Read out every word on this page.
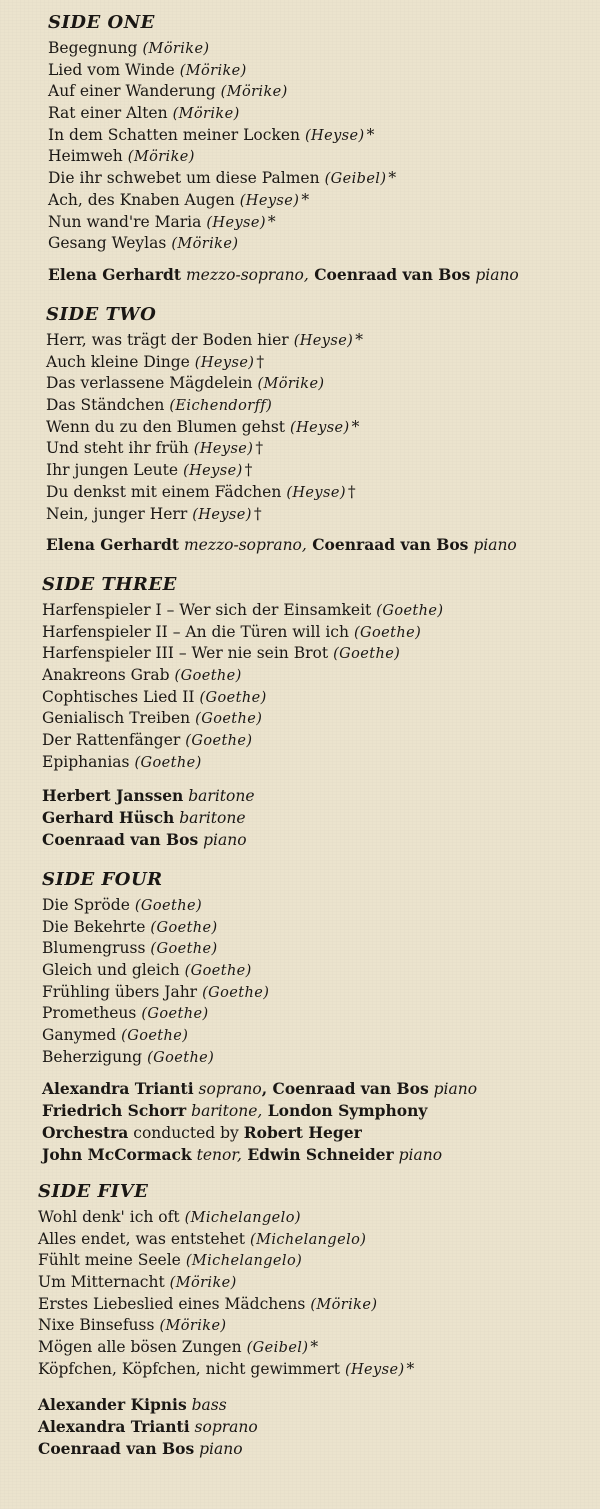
SIDE ONE
Begegnung (Mörike)
Lied vom Winde (Mörike)
Auf einer Wanderung (Mörike)
Rat einer Alten (Mörike)
In dem Schatten meiner Locken (Heyse) *
Heimweh (Mörike)
Die ihr schwebet um diese Palmen (Geibel) *
Ach, des Knaben Augen (Heyse) *
Nun wand're Maria (Heyse) *
Gesang Weylas (Mörike)
Elena Gerhardt mezzo-soprano, Coenraad van Bos piano
SIDE TWO
Herr, was trägt der Boden hier (Heyse) *
Auch kleine Dinge (Heyse) †
Das verlassene Mägdelein (Mörike)
Das Ständchen (Eichendorff)
Wenn du zu den Blumen gehst (Heyse) *
Und steht ihr früh (Heyse) †
Ihr jungen Leute (Heyse) †
Du denkst mit einem Fädchen (Heyse) †
Nein, junger Herr (Heyse) †
Elena Gerhardt mezzo-soprano, Coenraad van Bos piano
SIDE THREE
Harfenspieler I – Wer sich der Einsamkeit (Goethe)
Harfenspieler II – An die Türen will ich (Goethe)
Harfenspieler III – Wer nie sein Brot (Goethe)
Anakreons Grab (Goethe)
Cophtisches Lied II (Goethe)
Genialisch Treiben (Goethe)
Der Rattenfänger (Goethe)
Epiphanias (Goethe)
Herbert Janssen baritone
Gerhard Hüsch baritone
Coenraad van Bos piano
SIDE FOUR
Die Spröde (Goethe)
Die Bekehrte (Goethe)
Blumengruss (Goethe)
Gleich und gleich (Goethe)
Frühling übers Jahr (Goethe)
Prometheus (Goethe)
Ganymed (Goethe)
Beherzigung (Goethe)
Alexandra Trianti soprano, Coenraad van Bos piano
Friedrich Schorr baritone, London Symphony
Orchestra conducted by Robert Heger
John McCormack tenor, Edwin Schneider piano
SIDE FIVE
Wohl denk' ich oft (Michelangelo)
Alles endet, was entstehet (Michelangelo)
Fühlt meine Seele (Michelangelo)
Um Mitternacht (Mörike)
Erstes Liebeslied eines Mädchens (Mörike)
Nixe Binsefuss (Mörike)
Mögen alle bösen Zungen (Geibel) *
Köpfchen, Köpfchen, nicht gewimmert (Heyse) *
Alexander Kipnis bass
Alexandra Trianti soprano
Coenraad van Bos piano
